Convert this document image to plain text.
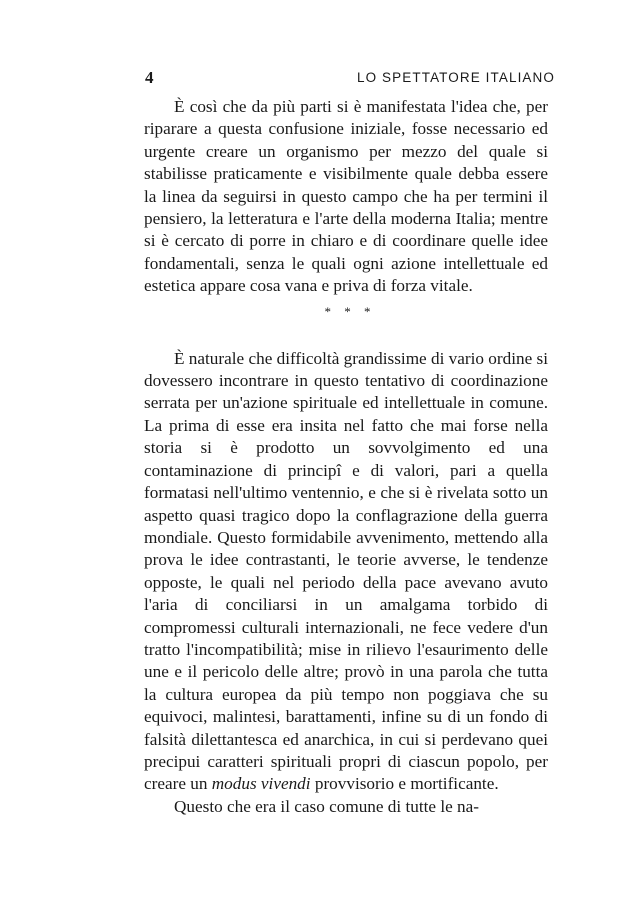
4	LO SPETTATORE ITALIANO

È così che da più parti si è manifestata l'idea che, per riparare a questa confusione iniziale, fosse necessario ed urgente creare un organismo per mezzo del quale si stabilisse praticamente e visibilmente quale debba essere la linea da seguirsi in questo campo che ha per termini il pensiero, la letteratura e l'arte della moderna Italia; mentre si è cercato di porre in chiaro e di coordinare quelle idee fondamentali, senza le quali ogni azione intellettuale ed estetica appare cosa vana e priva di forza vitale.

* * *

È naturale che difficoltà grandissime di vario ordine si dovessero incontrare in questo tentativo di coordinazione serrata per un'azione spirituale ed intellettuale in comune. La prima di esse era insita nel fatto che mai forse nella storia si è prodotto un sovvolgimento ed una contaminazione di principî e di valori, pari a quella formatasi nell'ultimo ventennio, e che si è rivelata sotto un aspetto quasi tragico dopo la conflagrazione della guerra mondiale. Questo formidabile avvenimento, mettendo alla prova le idee contrastanti, le teorie avverse, le tendenze opposte, le quali nel periodo della pace avevano avuto l'aria di conciliarsi in un amalgama torbido di compromessi culturali internazionali, ne fece vedere d'un tratto l'incompatibilità; mise in rilievo l'esaurimento delle une e il pericolo delle altre; provò in una parola che tutta la cultura europea da più tempo non poggiava che su equivoci, malintesi, barattamenti, infine su di un fondo di falsità dilettantesca ed anarchica, in cui si perdevano quei precipui caratteri spirituali propri di ciascun popolo, per creare un modus vivendi provvisorio e mortificante.

Questo che era il caso comune di tutte le na-
